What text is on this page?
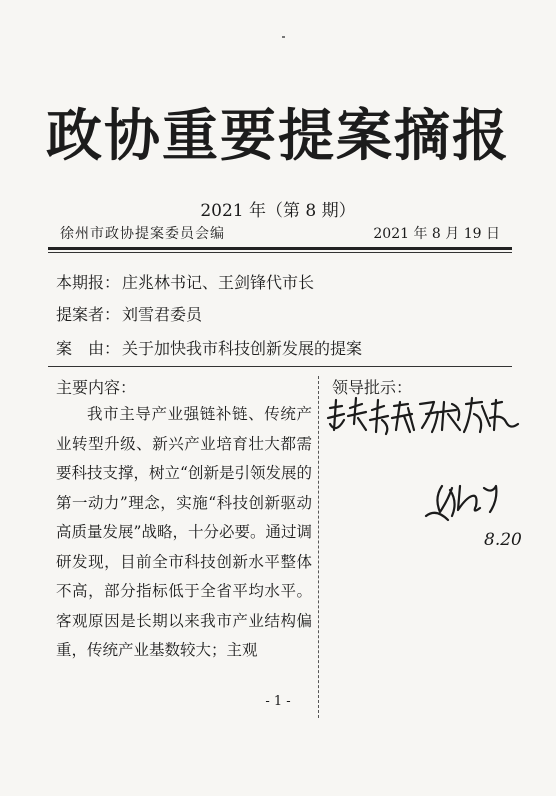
政协重要提案摘报
2021 年（第 8 期）
徐州市政协提案委员会编	2021 年 8 月 19 日
本期报： 庄兆林书记、王剑锋代市长
提案者： 刘雪君委员
案　由： 关于加快我市科技创新发展的提案
主要内容：	领导批示：
我市主导产业强链补链、传统产业转型升级、新兴产业培育壮大都需要科技支撑，树立“创新是引领发展的第一动力”理念，实施“科技创新驱动高质量发展”战略，十分必要。通过调研发现，目前全市科技创新水平整体不高，部分指标低于全省平均水平。客观原因是长期以来我市产业结构偏重，传统产业基数较大；主观
8.20
- 1 -
